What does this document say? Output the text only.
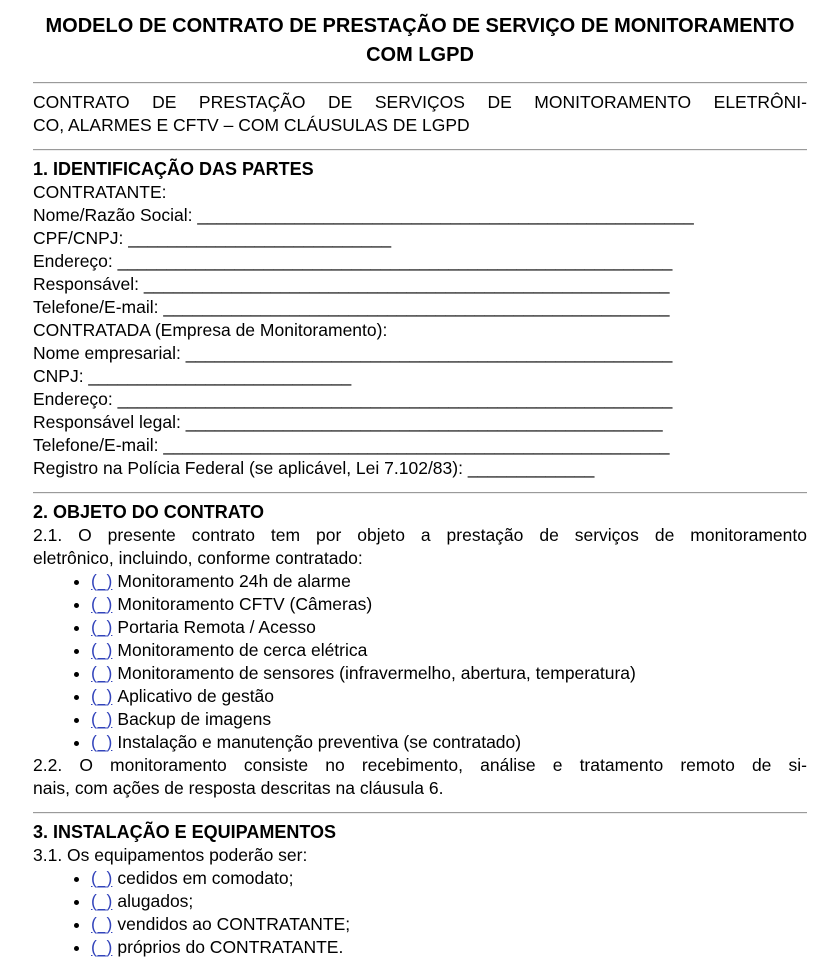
MODELO DE CONTRATO DE PRESTAÇÃO DE SERVIÇO DE MONITORAMENTO
COM LGPD
CONTRATO DE PRESTAÇÃO DE SERVIÇOS DE MONITORAMENTO ELETRÔNI-
CO, ALARMES E CFTV – COM CLÁUSULAS DE LGPD
1. IDENTIFICAÇÃO DAS PARTES
CONTRATANTE:
Nome/Razão Social: ___________________________________________________
CPF/CNPJ: ___________________________
Endereço: _________________________________________________________
Responsável: ______________________________________________________
Telefone/E-mail: ____________________________________________________
CONTRATADA (Empresa de Monitoramento):
Nome empresarial: __________________________________________________
CNPJ: ___________________________
Endereço: _________________________________________________________
Responsável legal: _________________________________________________
Telefone/E-mail: ____________________________________________________
Registro na Polícia Federal (se aplicável, Lei 7.102/83): _____________
2. OBJETO DO CONTRATO
2.1. O presente contrato tem por objeto a prestação de serviços de monitoramento
eletrônico, incluindo, conforme contratado:
• (_) Monitoramento 24h de alarme
• (_) Monitoramento CFTV (Câmeras)
• (_) Portaria Remota / Acesso
• (_) Monitoramento de cerca elétrica
• (_) Monitoramento de sensores (infravermelho, abertura, temperatura)
• (_) Aplicativo de gestão
• (_) Backup de imagens
• (_) Instalação e manutenção preventiva (se contratado)
2.2. O monitoramento consiste no recebimento, análise e tratamento remoto de si-
nais, com ações de resposta descritas na cláusula 6.
3. INSTALAÇÃO E EQUIPAMENTOS
3.1. Os equipamentos poderão ser:
• (_) cedidos em comodato;
• (_) alugados;
• (_) vendidos ao CONTRATANTE;
• (_) próprios do CONTRATANTE.
